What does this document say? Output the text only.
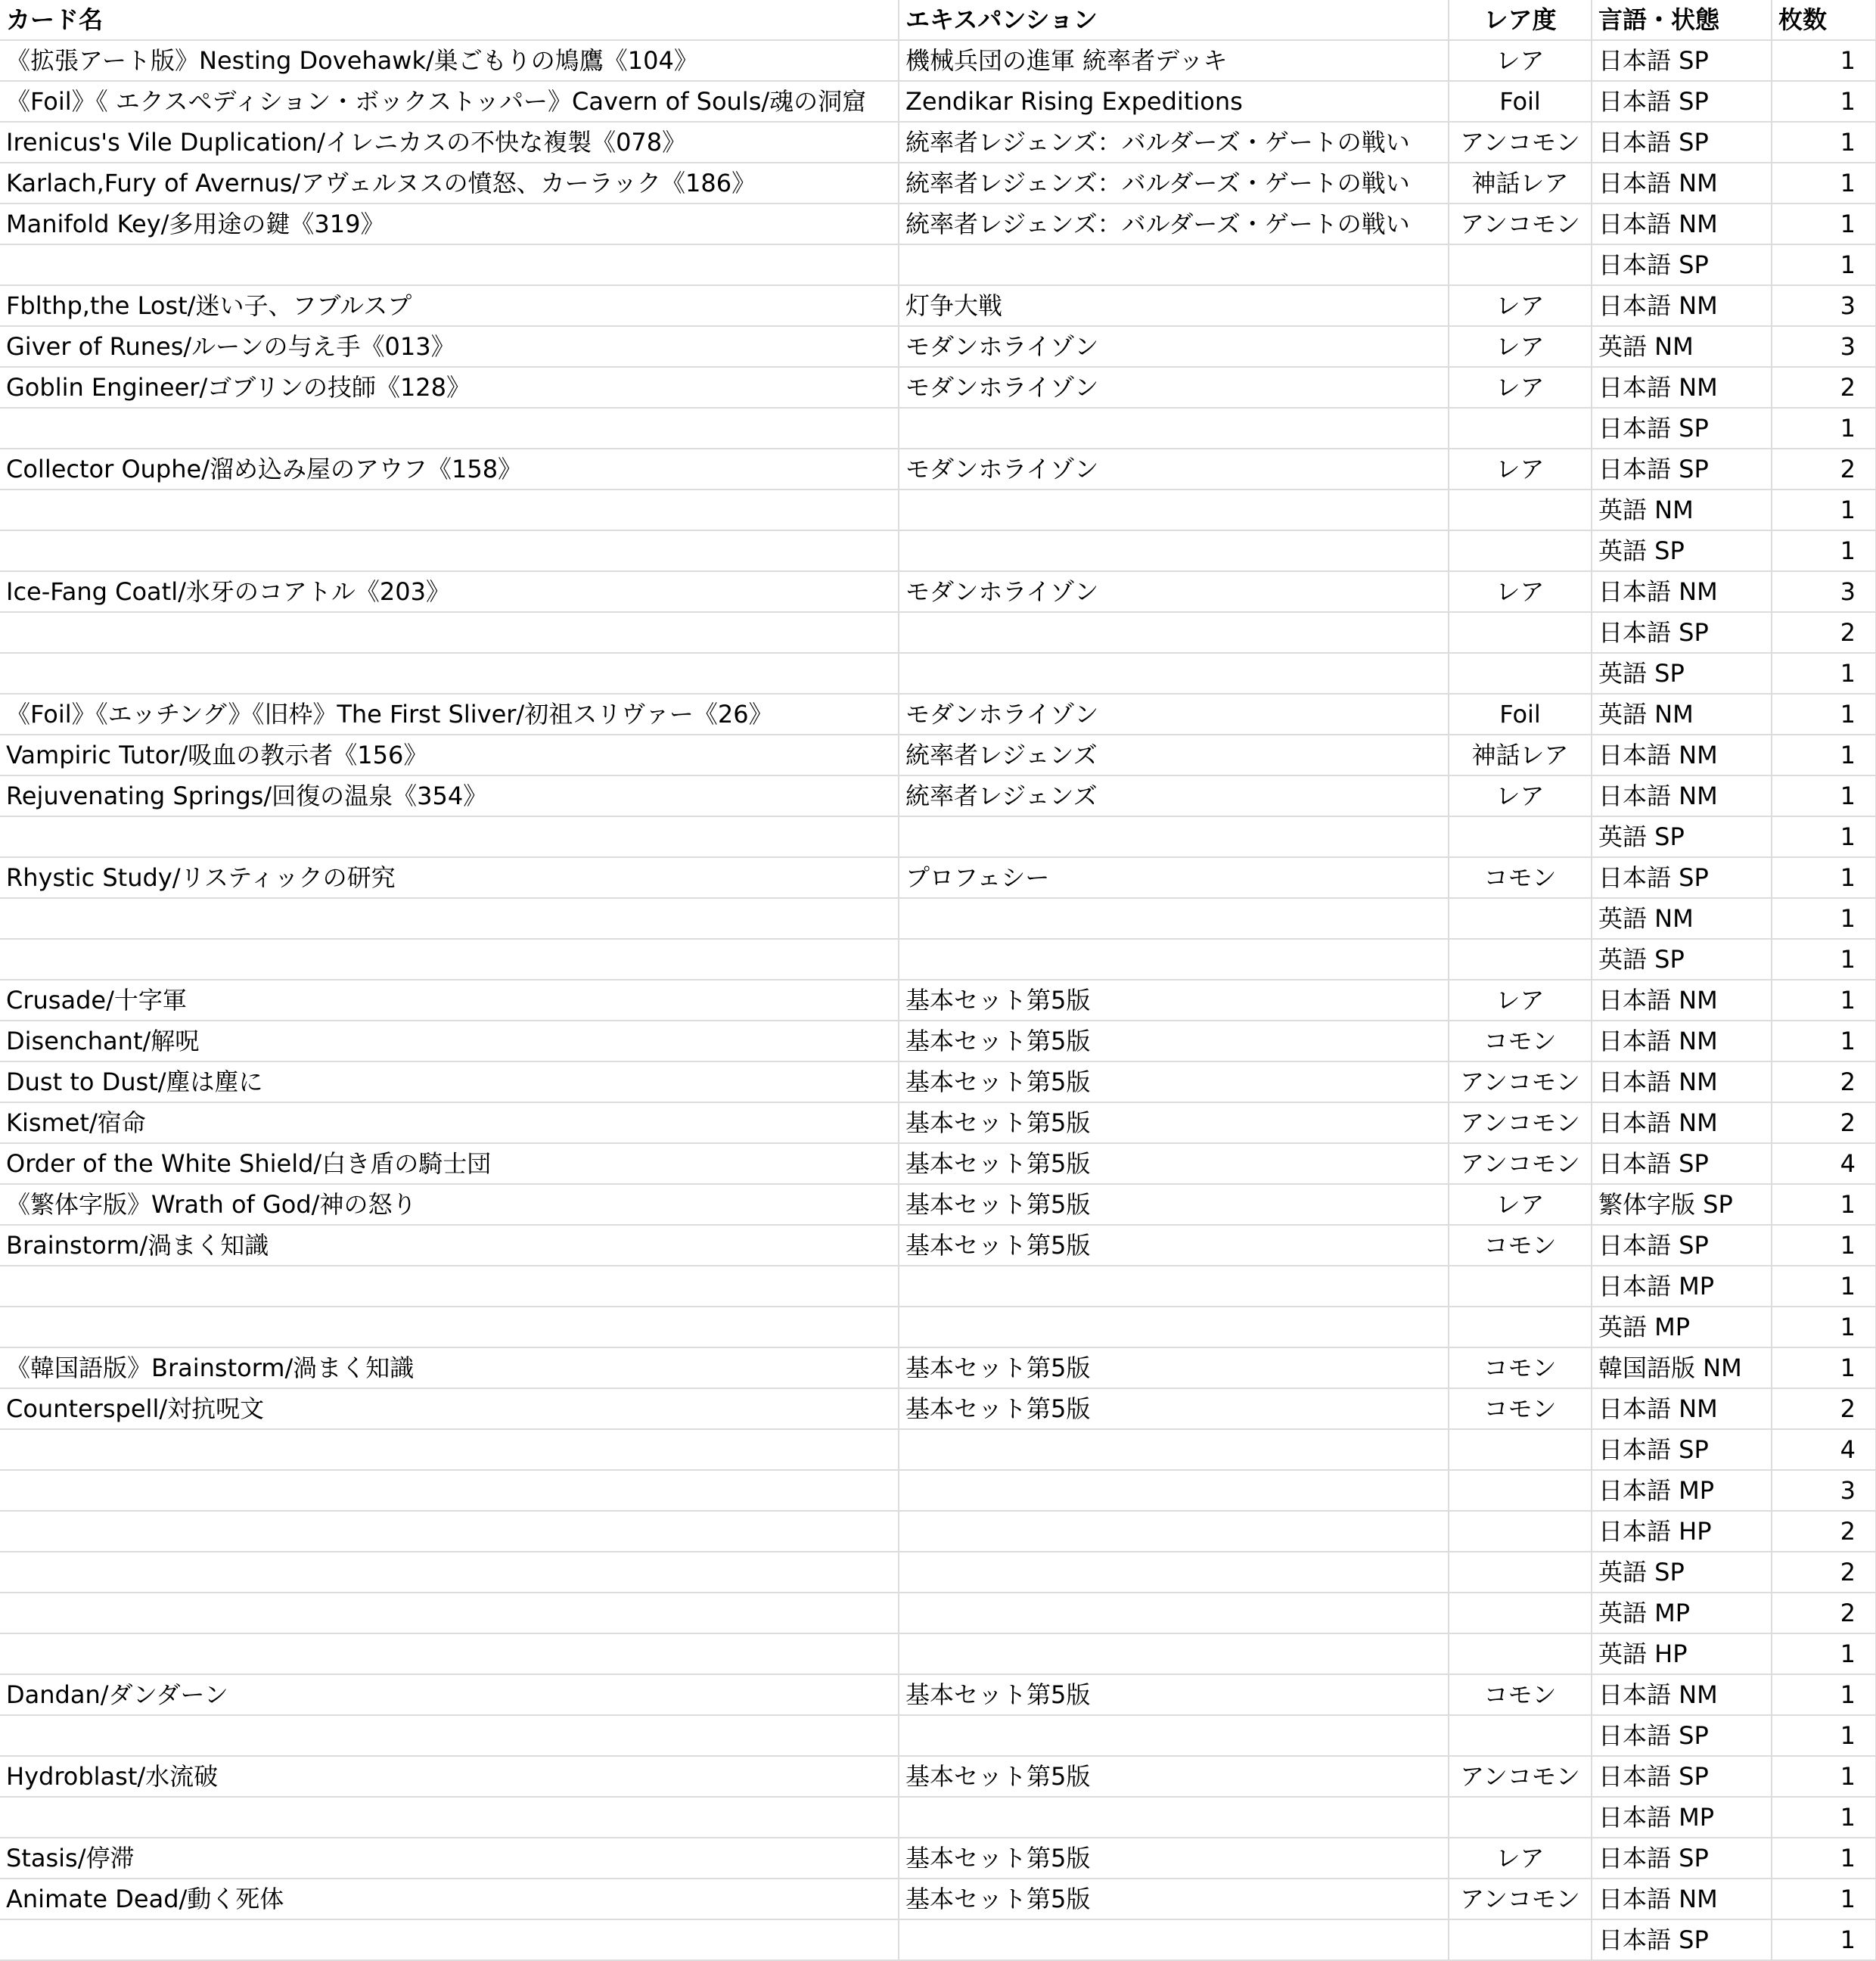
カード名	エキスパンション	レア度	言語・状態	枚数
《拡張アート版》Nesting Dovehawk/巣ごもりの鳩鷹《104》	機械兵団の進軍 統率者デッキ	レア	日本語 SP	1
《Foil》《 エクスペディション・ボックストッパー》Cavern of Souls/魂の洞窟	Zendikar Rising Expeditions	Foil	日本語 SP	1
Irenicus's Vile Duplication/イレニカスの不快な複製《078》	統率者レジェンズ：バルダーズ・ゲートの戦い	アンコモン	日本語 SP	1
Karlach,Fury of Avernus/アヴェルヌスの憤怒、カーラック《186》	統率者レジェンズ：バルダーズ・ゲートの戦い	神話レア	日本語 NM	1
Manifold Key/多用途の鍵《319》	統率者レジェンズ：バルダーズ・ゲートの戦い	アンコモン	日本語 NM	1
			日本語 SP	1
Fblthp,the Lost/迷い子、フブルスプ	灯争大戦	レア	日本語 NM	3
Giver of Runes/ルーンの与え手《013》	モダンホライゾン	レア	英語 NM	3
Goblin Engineer/ゴブリンの技師《128》	モダンホライゾン	レア	日本語 NM	2
			日本語 SP	1
Collector Ouphe/溜め込み屋のアウフ《158》	モダンホライゾン	レア	日本語 SP	2
			英語 NM	1
			英語 SP	1
Ice-Fang Coatl/氷牙のコアトル《203》	モダンホライゾン	レア	日本語 NM	3
			日本語 SP	2
			英語 SP	1
《Foil》《エッチング》《旧枠》The First Sliver/初祖スリヴァー《26》	モダンホライゾン	Foil	英語 NM	1
Vampiric Tutor/吸血の教示者《156》	統率者レジェンズ	神話レア	日本語 NM	1
Rejuvenating Springs/回復の温泉《354》	統率者レジェンズ	レア	日本語 NM	1
			英語 SP	1
Rhystic Study/リスティックの研究	プロフェシー	コモン	日本語 SP	1
			英語 NM	1
			英語 SP	1
Crusade/十字軍	基本セット第5版	レア	日本語 NM	1
Disenchant/解呪	基本セット第5版	コモン	日本語 NM	1
Dust to Dust/塵は塵に	基本セット第5版	アンコモン	日本語 NM	2
Kismet/宿命	基本セット第5版	アンコモン	日本語 NM	2
Order of the White Shield/白き盾の騎士団	基本セット第5版	アンコモン	日本語 SP	4
《繁体字版》Wrath of God/神の怒り	基本セット第5版	レア	繁体字版 SP	1
Brainstorm/渦まく知識	基本セット第5版	コモン	日本語 SP	1
			日本語 MP	1
			英語 MP	1
《韓国語版》Brainstorm/渦まく知識	基本セット第5版	コモン	韓国語版 NM	1
Counterspell/対抗呪文	基本セット第5版	コモン	日本語 NM	2
			日本語 SP	4
			日本語 MP	3
			日本語 HP	2
			英語 SP	2
			英語 MP	2
			英語 HP	1
Dandan/ダンダーン	基本セット第5版	コモン	日本語 NM	1
			日本語 SP	1
Hydroblast/水流破	基本セット第5版	アンコモン	日本語 SP	1
			日本語 MP	1
Stasis/停滞	基本セット第5版	レア	日本語 SP	1
Animate Dead/動く死体	基本セット第5版	アンコモン	日本語 NM	1
			日本語 SP	1
